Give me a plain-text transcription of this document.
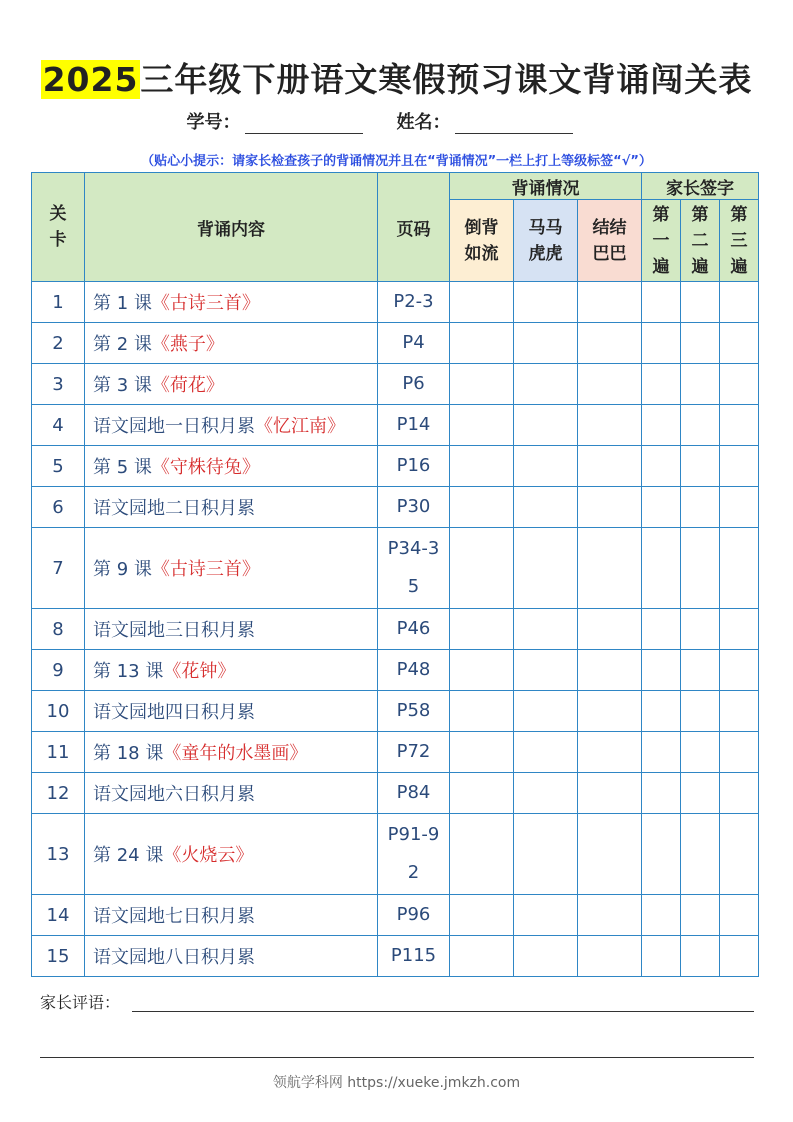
2025三年级下册语文寒假预习课文背诵闯关表
学号：	姓名：
（贴心小提示：请家长检查孩子的背诵情况并且在“背诵情况”一栏上打上等级标签“√”）
关卡	背诵内容	页码	背诵情况			家长签字		
			倒背如流	马马虎虎	结结巴巴	第一遍	第二遍	第三遍
1	第 1 课《古诗三首》	P2-3						
2	第 2 课《燕子》	P4						
3	第 3 课《荷花》	P6						
4	语文园地一日积月累《忆江南》	P14						
5	第 5 课《守株待兔》	P16						
6	语文园地二日积月累	P30						
7	第 9 课《古诗三首》	P34-35						
8	语文园地三日积月累	P46						
9	第 13 课《花钟》	P48						
10	语文园地四日积月累	P58						
11	第 18 课《童年的水墨画》	P72						
12	语文园地六日积月累	P84						
13	第 24 课《火烧云》	P91-92						
14	语文园地七日积月累	P96						
15	语文园地八日积月累	P115						
家长评语：
领航学科网 https://xueke.jmkzh.com
